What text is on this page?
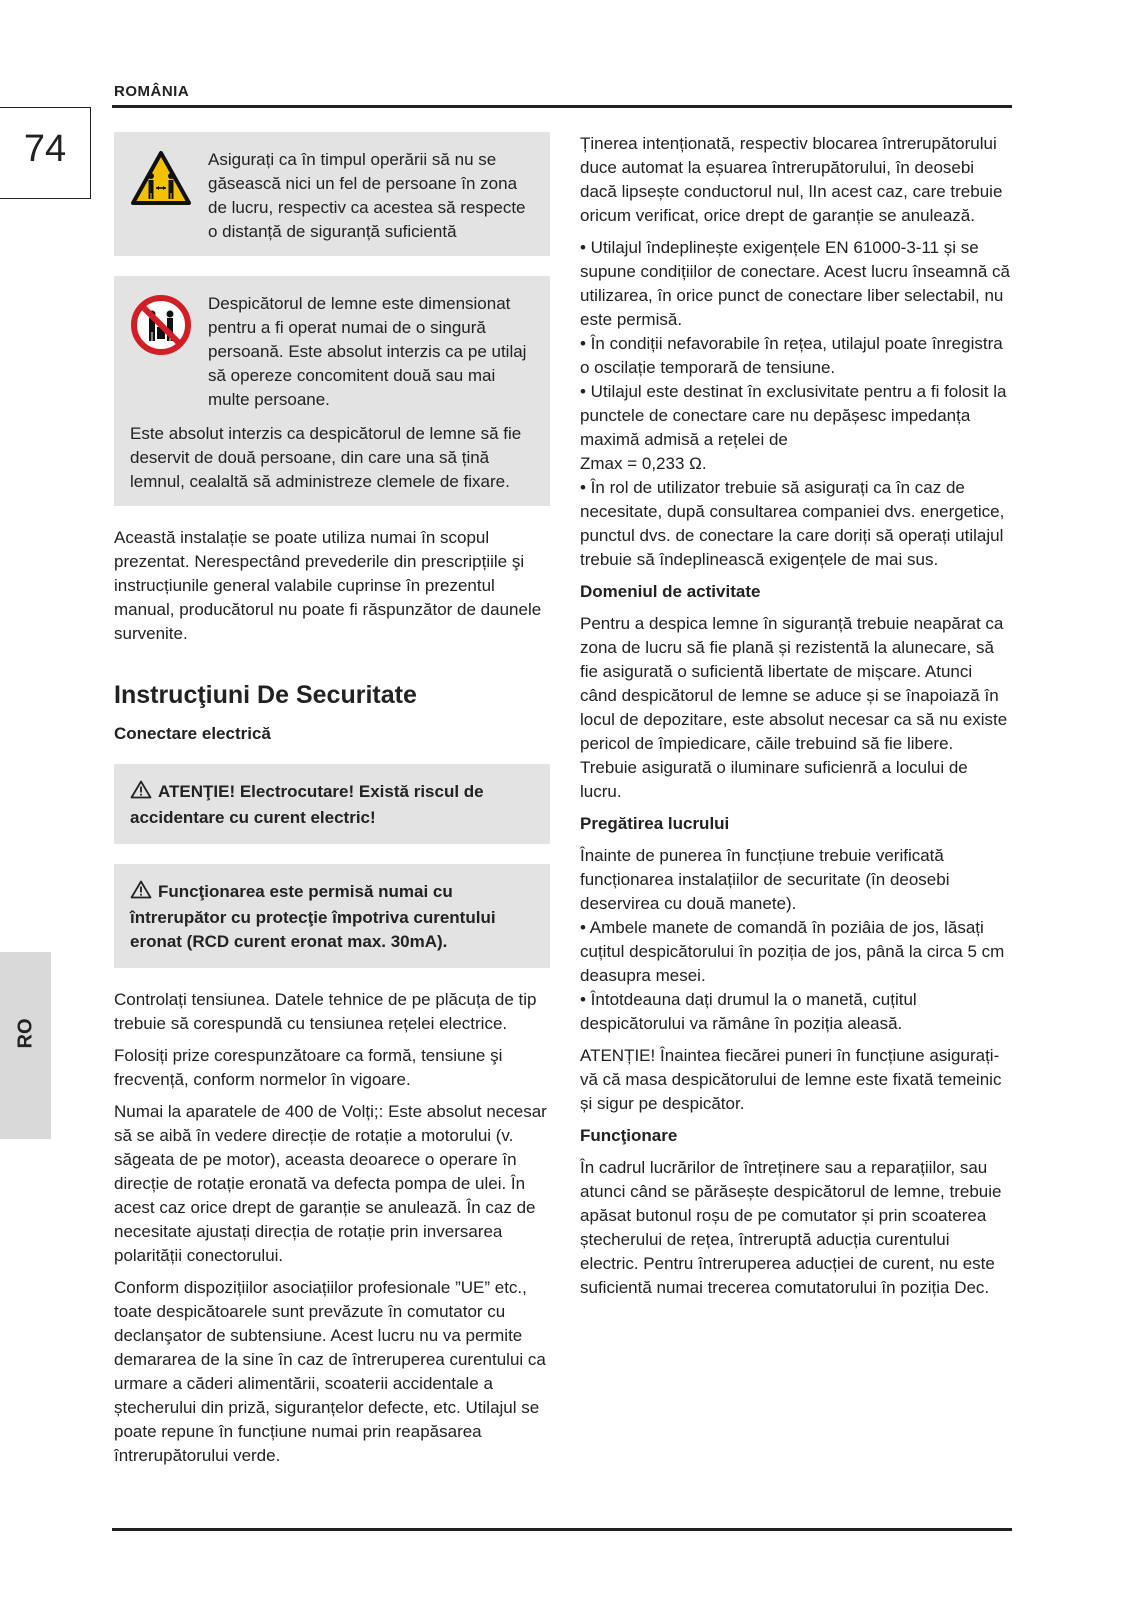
ROMÂNIA
74
RO
Asigurați ca în timpul operării să nu se găsească nici un fel de persoane în zona de lucru, respectiv ca acestea să respecte o distanță de siguranță suficientă
Despicătorul de lemne este dimensionat pentru a fi operat numai de o singură persoană. Este absolut interzis ca pe utilaj să opereze concomitent două sau mai multe persoane.
Este absolut interzis ca despicătorul de lemne să fie deservit de două persoane, din care una să țină lemnul, cealaltă să administreze clemele de fixare.

Această instalație se poate utiliza numai în scopul prezentat. Nerespectând prevederile din prescripțiile şi instrucțiunile general valabile cuprinse în prezentul manual, producătorul nu poate fi răspunzător de daunele survenite.

Instrucţiuni De Securitate
Conectare electrică
ATENŢIE! Electrocutare! Există riscul de accidentare cu curent electric!
Funcţionarea este permisă numai cu întrerupător cu protecţie împotriva curentului eronat (RCD curent eronat max. 30mA).

Controlați tensiunea. Datele tehnice de pe plăcuța de tip trebuie să corespundă cu tensiunea rețelei electrice.

Folosiți prize corespunzătoare ca formă, tensiune şi frecvență, conform normelor în vigoare.

Numai la aparatele de 400 de Volți;: Este absolut necesar să se aibă în vedere direcție de rotație a motorului (v. săgeata de pe motor), aceasta deoarece o operare în direcție de rotație eronată va defecta pompa de ulei. În acest caz orice drept de garanție se anulează. În caz de necesitate ajustați direcția de rotație prin inversarea polarității conectorului.

Conform dispozițiilor asociațiilor profesionale ”UE” etc., toate despicătoarele sunt prevăzute în comutator cu declanşator de subtensiune. Acest lucru nu va permite demararea de la sine în caz de întreruperea curentului ca urmare a căderi alimentării, scoaterii accidentale a ștecherului din priză, siguranțelor defecte, etc. Utilajul se poate repune în funcțiune numai prin reapăsarea întrerupătorului verde.

Ținerea intenționată, respectiv blocarea întrerupătorului duce automat la eșuarea întrerupătorului, în deosebi dacă lipsește conductorul nul, lIn acest caz, care trebuie oricum verificat, orice drept de garanție se anulează.

• Utilajul îndeplinește exigențele EN 61000-3-11 și se supune condițiilor de conectare. Acest lucru înseamnă că utilizarea, în orice punct de conectare liber selectabil, nu este permisă.
• În condiții nefavorabile în rețea, utilajul poate înregistra o oscilație temporară de tensiune.
• Utilajul este destinat în exclusivitate pentru a fi folosit la punctele de conectare care nu depășesc impedanța maximă admisă a rețelei de
Zmax = 0,233 Ω.

• În rol de utilizator trebuie să asigurați ca în caz de necesitate, după consultarea companiei dvs. energetice, punctul dvs. de conectare la care doriți să operați utilajul trebuie să îndeplinească exigențele de mai sus.

Domeniul de activitate

Pentru a despica lemne în siguranță trebuie neapărat ca zona de lucru să fie plană și rezistentă la alunecare, să fie asigurată o suficientă libertate de mișcare. Atunci când despicătorul de lemne se aduce și se înapoiază în locul de depozitare, este absolut necesar ca să nu existe pericol de împiedicare, căile trebuind să fie libere. Trebuie asigurată o iluminare suficienră a locului de lucru.

Pregătirea lucrului
Înainte de punerea în funcțiune trebuie verificată funcționarea instalațiilor de securitate (în deosebi deservirea cu două manete).
• Ambele manete de comandă în poziâia de jos, lăsați cuțitul despicătorului în poziția de jos, până la circa 5 cm deasupra mesei.

• Întotdeauna dați drumul la o manetă, cuțitul despicătorului va rămâne în poziția aleasă.

ATENȚIE! Înaintea fiecărei puneri în funcțiune asigurați-vă că masa despicătorului de lemne este fixată temeinic și sigur pe despicător.

Funcţionare

În cadrul lucrărilor de întreținere sau a reparațiilor, sau atunci când se părăsește despicătorul de lemne, trebuie apăsat butonul roșu de pe comutator și prin scoaterea ștecherului de rețea, întreruptă aducția curentului electric. Pentru întreruperea aducției de curent, nu este suficientă numai trecerea comutatorului în poziția Dec.
